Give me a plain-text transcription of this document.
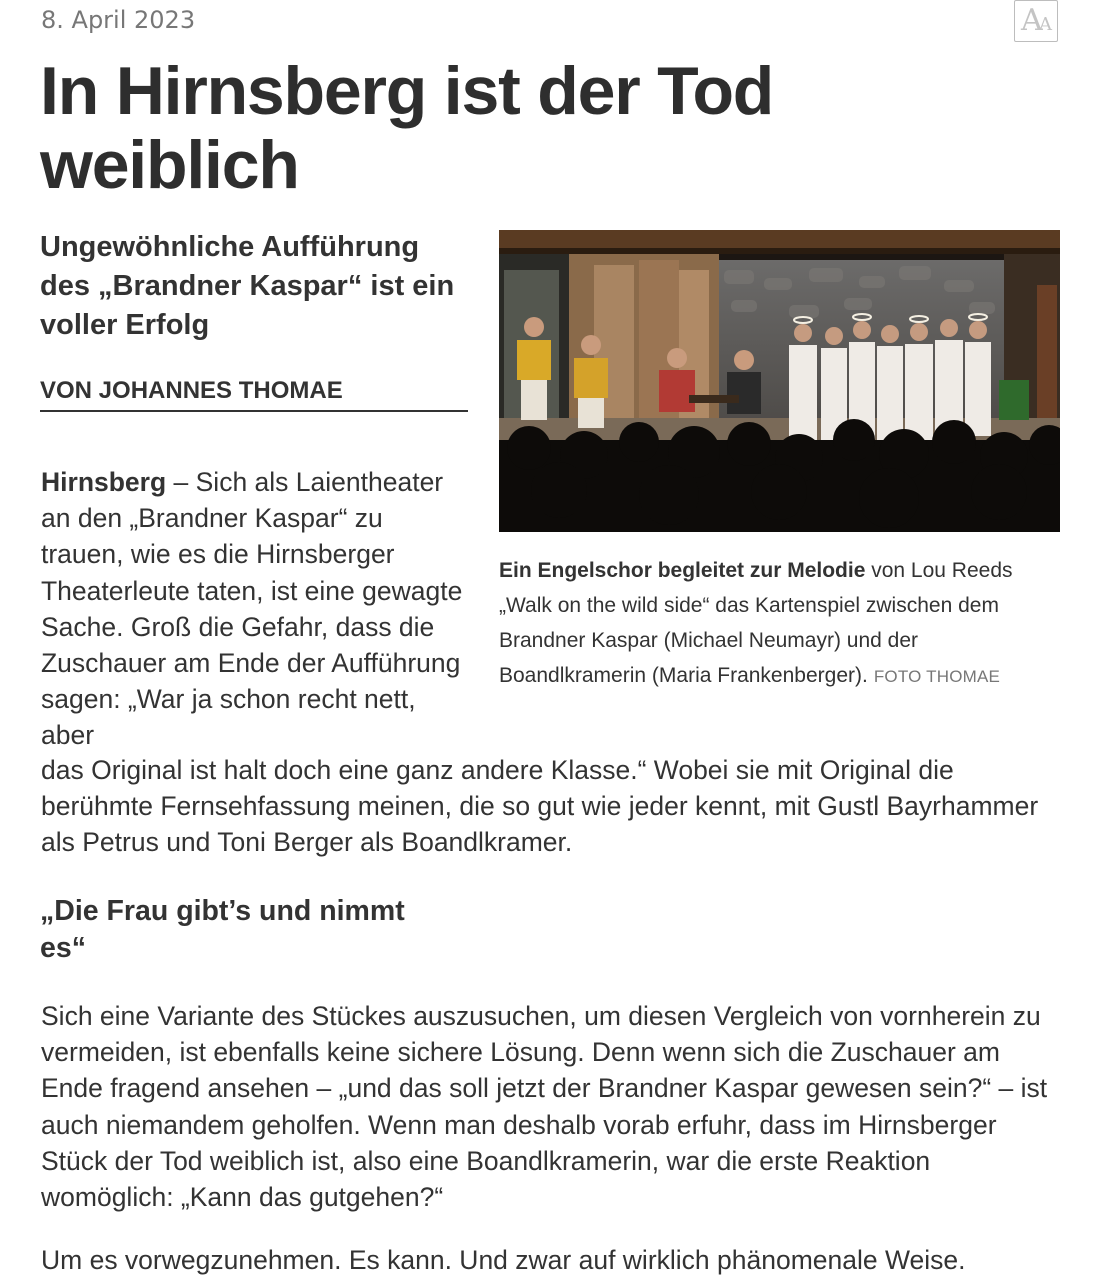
8. April 2023	A
A
In Hirnsberg ist der Tod weiblich
Ungewöhnliche Aufführung des „Brandner Kaspar“ ist ein voller Erfolg
VON JOHANNES THOMAE
Ein Engelschor begleitet zur Melodie von Lou Reeds „Walk on the wild side“ das Kartenspiel zwischen dem Brandner Kaspar (Michael Neumayr) und der Boandlkramerin (Maria Frankenberger). FOTO THOMAE

Hirnsberg – Sich als Laientheater an den „Brandner Kaspar“ zu trauen, wie es die Hirnsberger Theaterleute taten, ist eine gewagte Sache. Groß die Gefahr, dass die Zuschauer am Ende der Aufführung sagen: „War ja schon recht nett, aber

das Original ist halt doch eine ganz andere Klasse.“ Wobei sie mit Original die berühmte Fernsehfassung meinen, die so gut wie jeder kennt, mit Gustl Bayrhammer als Petrus und Toni Berger als Boandlkramer.

„Die Frau gibt’s und nimmt es“

Sich eine Variante des Stückes auszusuchen, um diesen Vergleich von vornherein zu vermeiden, ist ebenfalls keine sichere Lösung. Denn wenn sich die Zuschauer am Ende fragend ansehen – „und das soll jetzt der Brandner Kaspar gewesen sein?“ – ist auch niemandem geholfen. Wenn man deshalb vorab erfuhr, dass im Hirnsberger Stück der Tod weiblich ist, also eine Boandlkramerin, war die erste Reaktion womöglich: „Kann das gutgehen?“

Um es vorwegzunehmen. Es kann. Und zwar auf wirklich phänomenale Weise.
